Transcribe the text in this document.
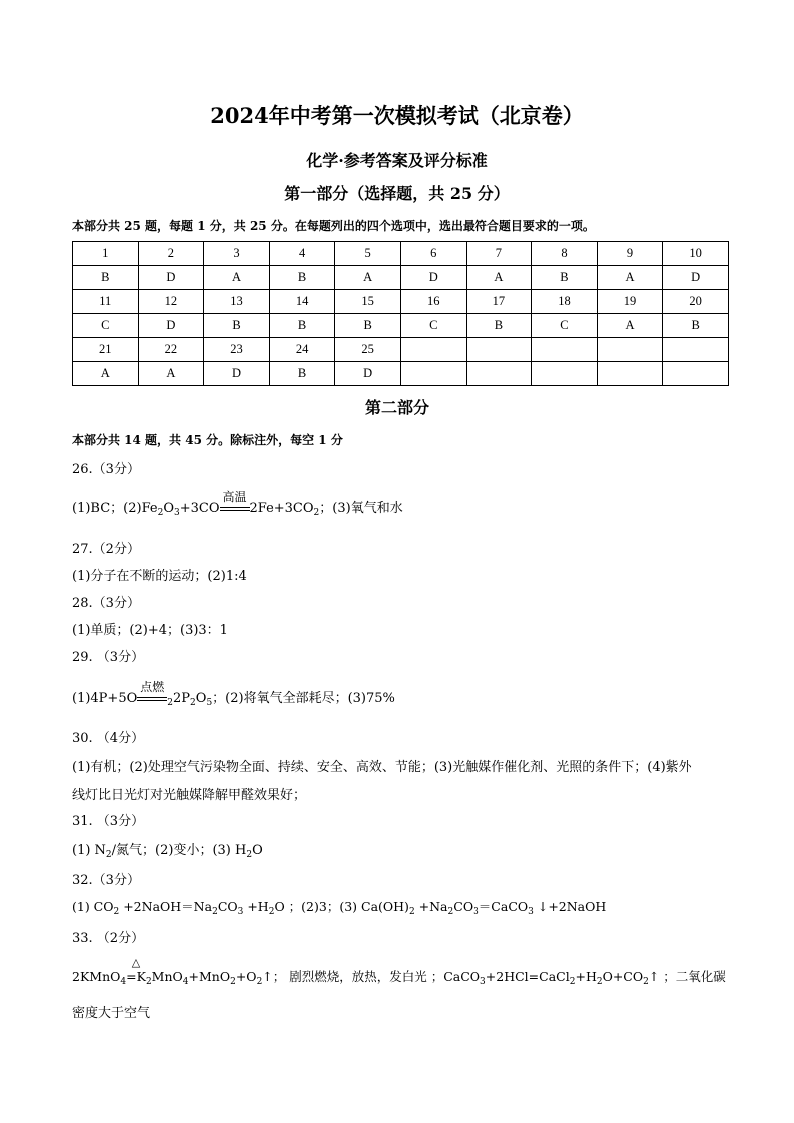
2024年中考第一次模拟考试（北京卷）
化学·参考答案及评分标准
第一部分（选择题，共 25 分）
本部分共 25 题，每题 1 分，共 25 分。在每题列出的四个选项中，选出最符合题目要求的一项。
1	2	3	4	5	6	7	8	9	10
B	D	A	B	A	D	A	B	A	D
11	12	13	14	15	16	17	18	19	20
C	D	B	B	B	C	B	C	A	B
21	22	23	24	25					
A	A	D	B	D					
第二部分
本部分共 14 题，共 45 分。除标注外，每空 1 分
26.（3分）
(1)BC；$(2)Fe_2O_3+3CO$
高温
$2Fe+3CO_2$；(3)氧气和水
27.（2分）
(1)分子在不断的运动；(2)1:4
28.（3分）
(1)单质；(2)+4；(3)3：1
29. （3分）
(1)4P+5O
点燃
$_22P_2O_5$；(2)将氧气全部耗尽；(3)75%
30. （4分）
(1)有机；(2)处理空气污染物全面、持续、安全、高效、节能；(3)光触媒作催化剂、光照的条件下；(4)紫外
线灯比日光灯对光触媒降解甲醛效果好；
31. （3分）
(1) $N_2/$氮气；(2)变小；(3) $H_2O$
32.（3分）
(1) $CO_2$ $+2NaOH=Na_2CO_3 +H_2O$ ；(2)3；(3) $Ca(OH)_2$ $+Na_2CO_3=CaCO_3$ ↓+2NaOH
33. （2分）
2KMnO$_4$
△
$=K_2MnO_4+MnO_2+O_2↑$； 剧烈燃烧，放热，发白光 ；$CaCO_3+2HCl=CaCl_2+H_2O+CO_2↑$ ；二氧化碳
密度大于空气
